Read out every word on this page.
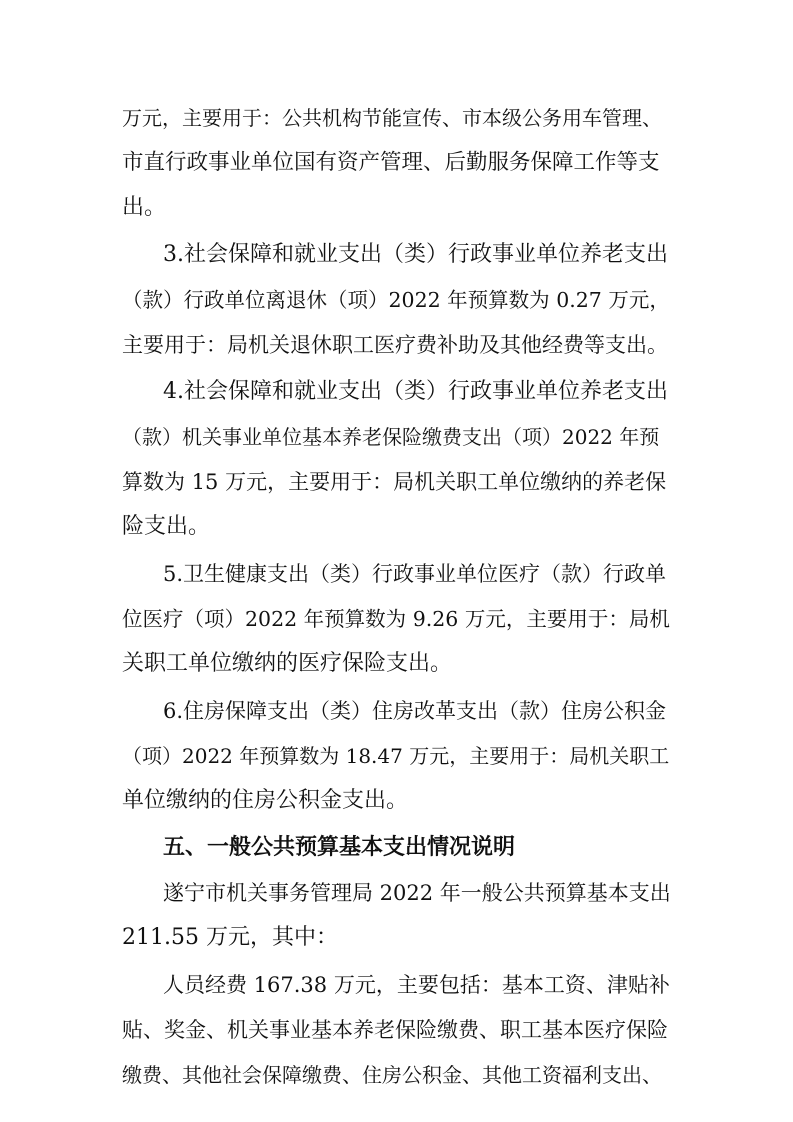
万元，主要用于：公共机构节能宣传、市本级公务用车管理、

市直行政事业单位国有资产管理、后勤服务保障工作等支

出。

3.社会保障和就业支出（类）行政事业单位养老支出

（款）行政单位离退休（项）2022 年预算数为 0.27 万元，

主要用于：局机关退休职工医疗费补助及其他经费等支出。

4.社会保障和就业支出（类）行政事业单位养老支出

（款）机关事业单位基本养老保险缴费支出（项）2022 年预

算数为 15 万元，主要用于：局机关职工单位缴纳的养老保

险支出。

5.卫生健康支出（类）行政事业单位医疗（款）行政单

位医疗（项）2022 年预算数为 9.26 万元，主要用于：局机

关职工单位缴纳的医疗保险支出。

6.住房保障支出（类）住房改革支出（款）住房公积金

（项）2022 年预算数为 18.47 万元，主要用于：局机关职工

单位缴纳的住房公积金支出。

五、一般公共预算基本支出情况说明

遂宁市机关事务管理局 2022 年一般公共预算基本支出

211.55 万元，其中：

人员经费 167.38 万元，主要包括：基本工资、津贴补

贴、奖金、机关事业基本养老保险缴费、职工基本医疗保险

缴费、其他社会保障缴费、住房公积金、其他工资福利支出、
